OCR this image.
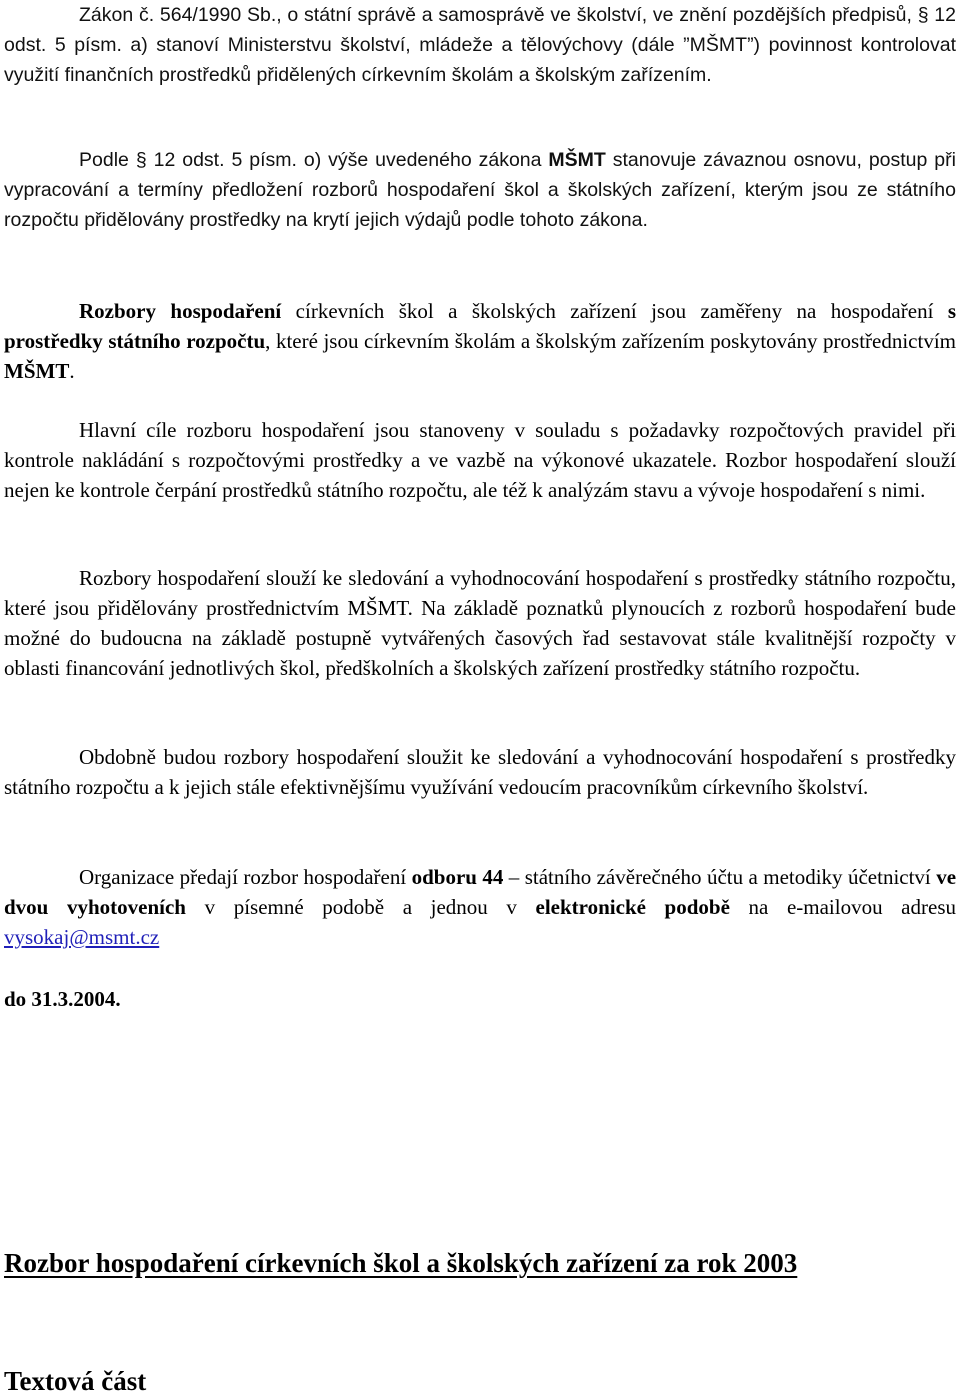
Zákon č. 564/1990 Sb., o státní správě a samosprávě ve školství, ve znění pozdějších předpisů, § 12 odst. 5 písm. a) stanoví Ministerstvu školství, mládeže a tělovýchovy (dále ”MŠMT”) povinnost kontrolovat využití finančních prostředků přidělených církevním školám a školským zařízením.

Podle § 12 odst. 5 písm. o) výše uvedeného zákona MŠMT stanovuje závaznou osnovu, postup při vypracování a termíny předložení rozborů hospodaření škol a školských zařízení, kterým jsou ze státního rozpočtu přidělovány prostředky na krytí jejich výdajů podle tohoto zákona.

Rozbory hospodaření církevních škol a školských zařízení jsou zaměřeny na hospodaření s prostředky státního rozpočtu, které jsou církevním školám a školským zařízením poskytovány prostřednictvím MŠMT.

Hlavní cíle rozboru hospodaření jsou stanoveny v souladu s požadavky rozpočtových pravidel při kontrole nakládání s rozpočtovými prostředky a ve vazbě na výkonové ukazatele. Rozbor hospodaření slouží nejen ke kontrole čerpání prostředků státního rozpočtu, ale též k analýzám stavu a vývoje hospodaření s nimi.

Rozbory hospodaření slouží ke sledování a vyhodnocování hospodaření s prostředky státního rozpočtu, které jsou přidělovány prostřednictvím MŠMT. Na základě poznatků plynoucích z rozborů hospodaření bude možné do budoucna na základě postupně vytvářených časových řad sestavovat stále kvalitnější rozpočty v oblasti financování jednotlivých škol, předškolních a školských zařízení prostředky státního rozpočtu.

Obdobně budou rozbory hospodaření sloužit ke sledování a vyhodnocování hospodaření s prostředky státního rozpočtu a k jejich stále efektivnějšímu využívání vedoucím pracovníkům církevního školství.

Organizace předají rozbor hospodaření odboru 44 – státního závěrečného účtu a metodiky účetnictví ve dvou vyhotoveních v písemné podobě a jednou v elektronické podobě na e-mailovou adresu vysokaj@msmt.cz

do 31.3.2004.

Rozbor hospodaření církevních škol a školských zařízení za rok 2003
Textová část
